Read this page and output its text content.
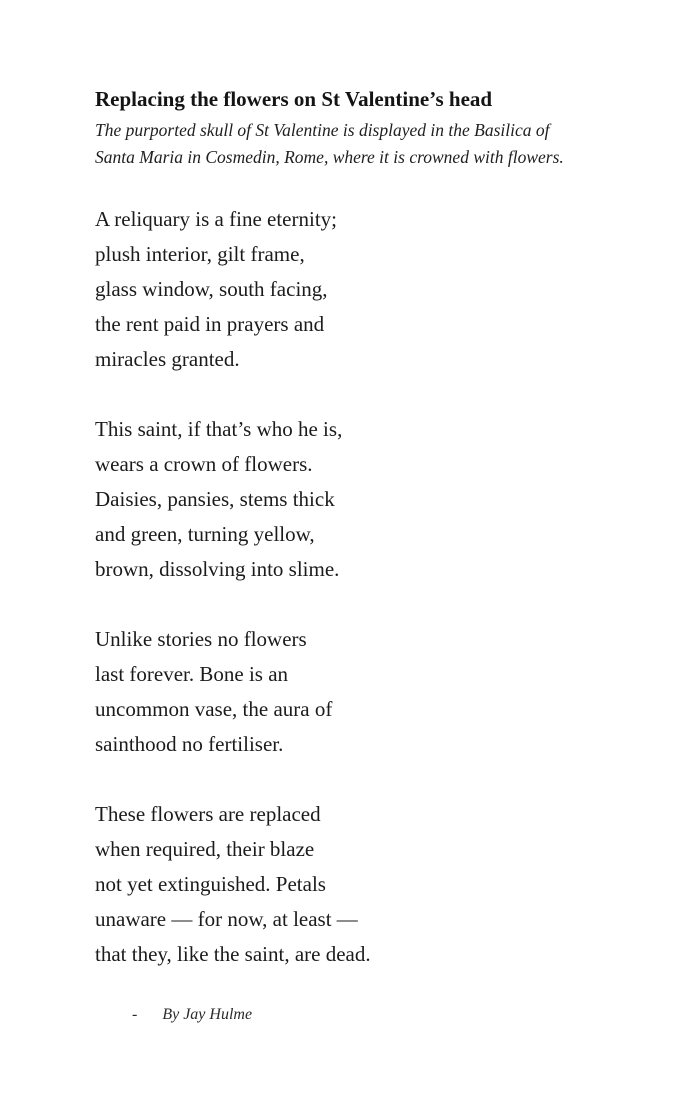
Replacing the flowers on St Valentine’s head
The purported skull of St Valentine is displayed in the Basilica of
Santa Maria in Cosmedin, Rome, where it is crowned with flowers.
A reliquary is a fine eternity;
plush interior, gilt frame,
glass window, south facing,
the rent paid in prayers and
miracles granted.
This saint, if that’s who he is,
wears a crown of flowers.
Daisies, pansies, stems thick
and green, turning yellow,
brown, dissolving into slime.
Unlike stories no flowers
last forever. Bone is an
uncommon vase, the aura of
sainthood no fertiliser.
These flowers are replaced
when required, their blaze
not yet extinguished. Petals
unaware — for now, at least —
that they, like the saint, are dead.
- By Jay Hulme
